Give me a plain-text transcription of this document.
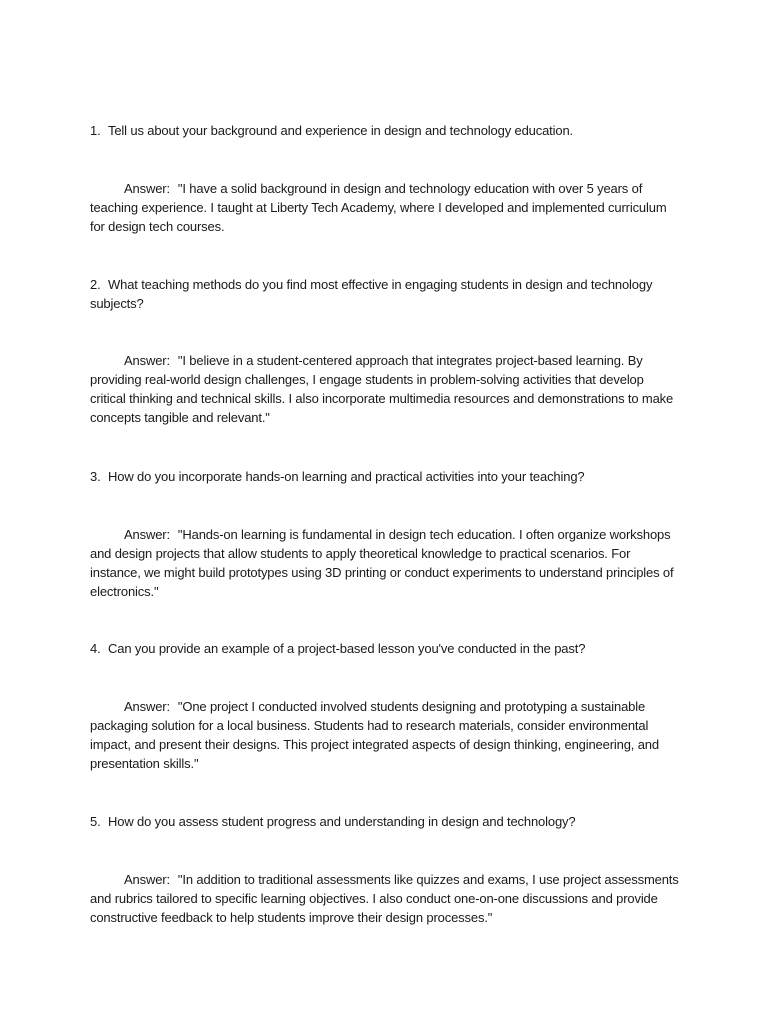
1. Tell us about your background and experience in design and technology education.
Answer: "I have a solid background in design and technology education with over 5 years of teaching experience. I taught at Liberty Tech Academy, where I developed and implemented curriculum for design tech courses.
2. What teaching methods do you find most effective in engaging students in design and technology subjects?
Answer: "I believe in a student-centered approach that integrates project-based learning. By providing real-world design challenges, I engage students in problem-solving activities that develop critical thinking and technical skills. I also incorporate multimedia resources and demonstrations to make concepts tangible and relevant."
3. How do you incorporate hands-on learning and practical activities into your teaching?
Answer: "Hands-on learning is fundamental in design tech education. I often organize workshops and design projects that allow students to apply theoretical knowledge to practical scenarios. For instance, we might build prototypes using 3D printing or conduct experiments to understand principles of electronics."
4. Can you provide an example of a project-based lesson you've conducted in the past?
Answer: "One project I conducted involved students designing and prototyping a sustainable packaging solution for a local business. Students had to research materials, consider environmental impact, and present their designs. This project integrated aspects of design thinking, engineering, and presentation skills."
5. How do you assess student progress and understanding in design and technology?
Answer: "In addition to traditional assessments like quizzes and exams, I use project assessments and rubrics tailored to specific learning objectives. I also conduct one-on-one discussions and provide constructive feedback to help students improve their design processes."
